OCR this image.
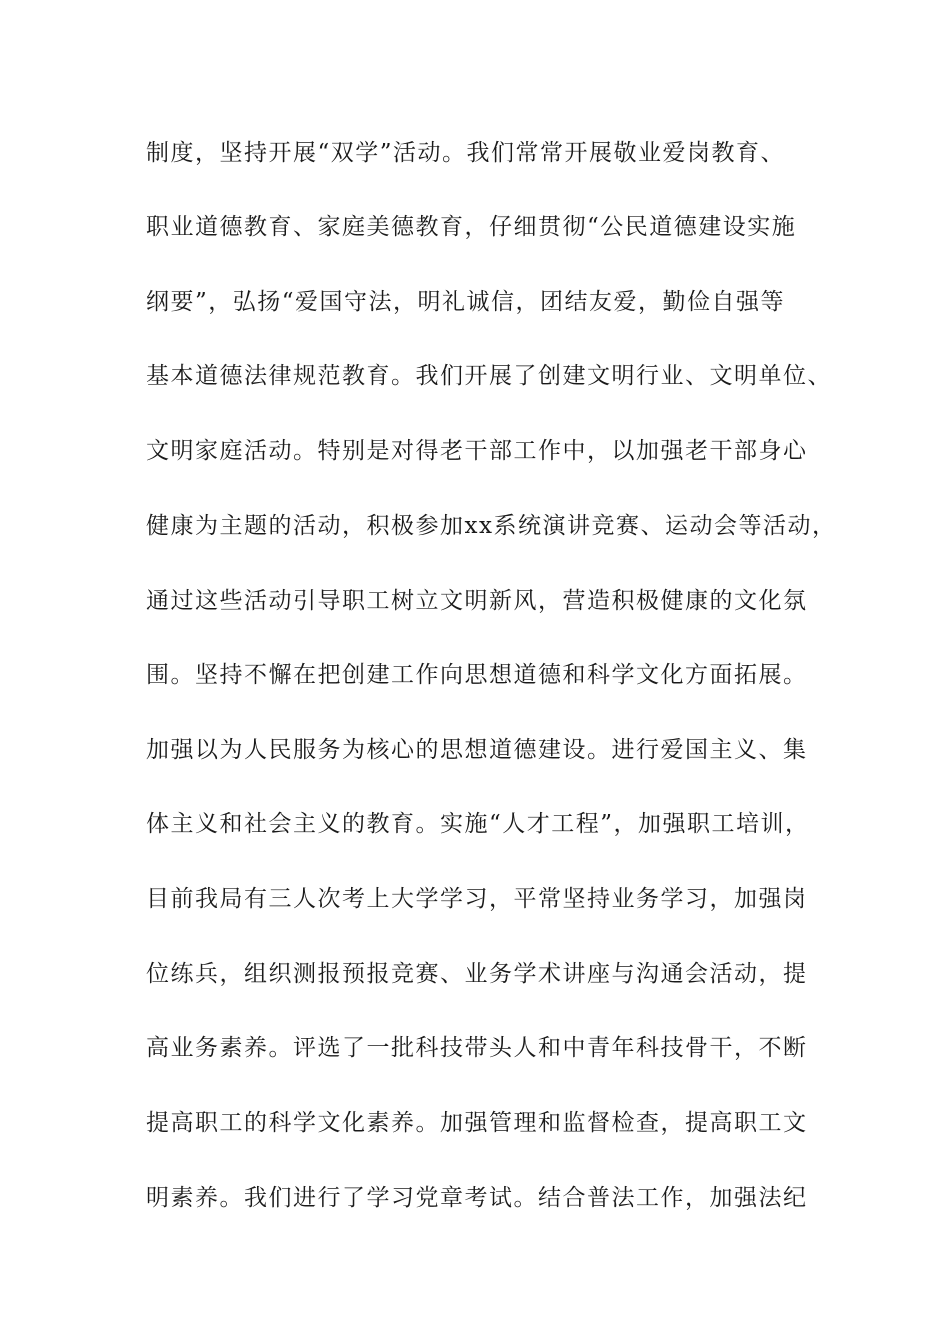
制度，坚持开展“双学”活动。我们常常开展敬业爱岗教育、
职业道德教育、家庭美德教育，仔细贯彻“公民道德建设实施
纲要”，弘扬“爱国守法，明礼诚信，团结友爱，勤俭自强等
基本道德法律规范教育。我们开展了创建文明行业、文明单位、
文明家庭活动。特别是对得老干部工作中，以加强老干部身心
健康为主题的活动，积极参加xx系统演讲竞赛、运动会等活动，
通过这些活动引导职工树立文明新风，营造积极健康的文化氛
围。坚持不懈在把创建工作向思想道德和科学文化方面拓展。
加强以为人民服务为核心的思想道德建设。进行爱国主义、集
体主义和社会主义的教育。实施“人才工程”，加强职工培训，
目前我局有三人次考上大学学习，平常坚持业务学习，加强岗
位练兵，组织测报预报竞赛、业务学术讲座与沟通会活动，提
高业务素养。评选了一批科技带头人和中青年科技骨干，不断
提高职工的科学文化素养。加强管理和监督检查，提高职工文
明素养。我们进行了学习党章考试。结合普法工作，加强法纪
